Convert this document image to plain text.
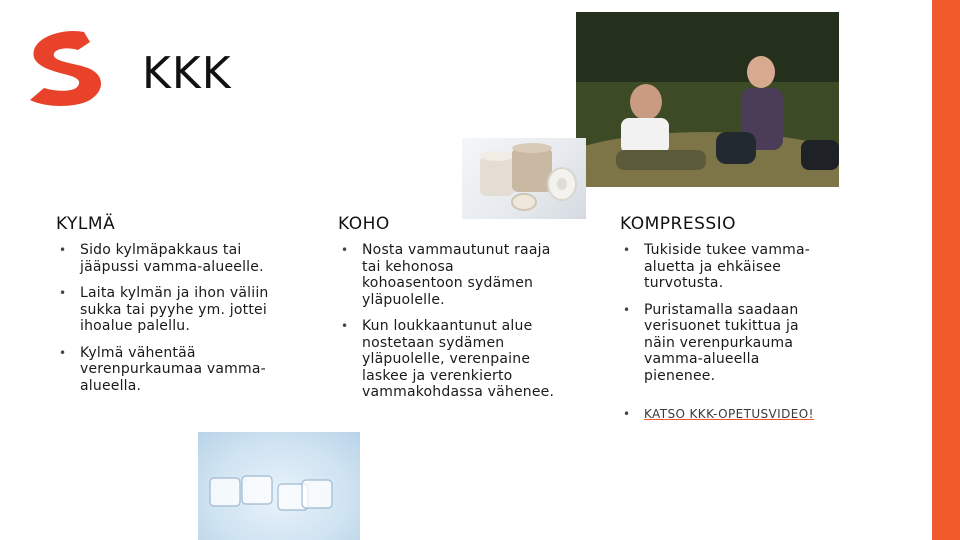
KKK
KYLMÄ
• Sido kylmäpakkaus tai jääpussi vamma-alueelle.
• Laita kylmän ja ihon väliin sukka tai pyyhe ym. jottei ihoalue palellu.
• Kylmä vähentää verenpurkaumaa vamma-alueella.
KOHO
• Nosta vammautunut raaja tai kehonosa kohoasentoon sydämen yläpuolelle.
• Kun loukkaantunut alue nostetaan sydämen yläpuolelle, verenpaine laskee ja verenkierto vammakohdassa vähenee.
KOMPRESSIO
• Tukiside tukee vamma-aluetta ja ehkäisee turvotusta.
• Puristamalla saadaan verisuonet tukittua ja näin verenpurkauma vamma-alueella pienenee.
• KATSO KKK-OPETUSVIDEO!
